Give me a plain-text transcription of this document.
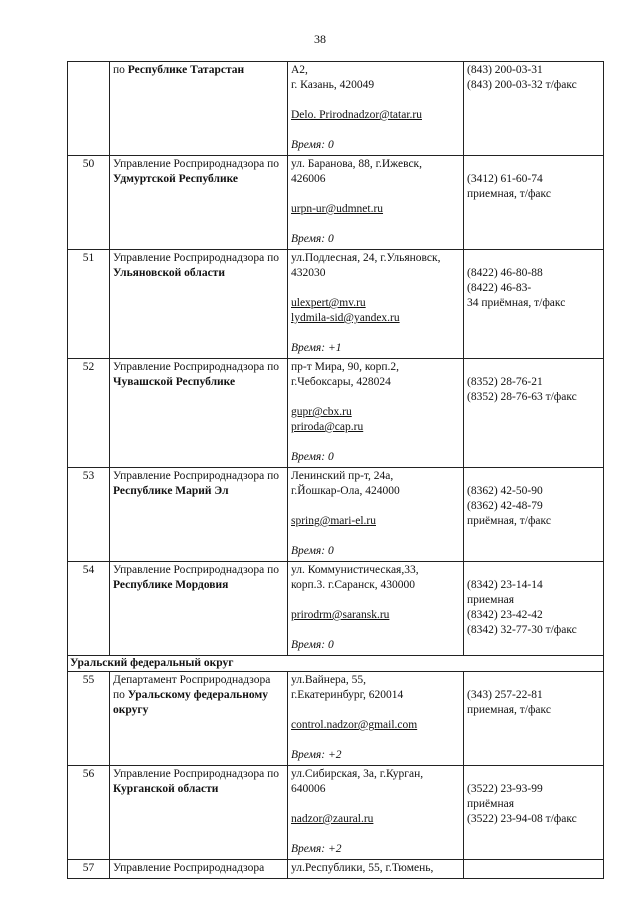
38
	по Республике Татарстан	А2,
г. Казань, 420049
Delo. Prirodnadzor@tatar.ru
Время: 0	(843) 200-03-31
(843) 200-03-32 т/факс

50	Управление Росприроднадзора по Удмуртской Республике	ул. Баранова, 88, г.Ижевск,
426006
urpn-ur@udmnet.ru
Время: 0	(3412) 61-60-74
приемная, т/факс

51	Управление Росприроднадзора по Ульяновской области	ул.Подлесная, 24, г.Ульяновск,
432030
ulexpert@mv.ru
lydmila-sid@yandex.ru
Время: +1	(8422) 46-80-88
(8422) 46-83-
34 приёмная, т/факс

52	Управление Росприроднадзора по Чувашской Республике	пр-т Мира, 90, корп.2,
г.Чебоксары, 428024
gupr@cbx.ru
priroda@cap.ru
Время: 0	(8352) 28-76-21
(8352) 28-76-63 т/факс

53	Управление Росприроднадзора по Республике Марий Эл	Ленинский пр-т, 24а,
г.Йошкар-Ола, 424000
spring@mari-el.ru
Время: 0	(8362) 42-50-90
(8362) 42-48-79
приёмная, т/факс

54	Управление Росприроднадзора по Республике Мордовия	ул. Коммунистическая,33,
корп.3. г.Саранск, 430000
prirodrm@saransk.ru
Время: 0	(8342) 23-14-14
приемная
(8342) 23-42-42
(8342) 32-77-30 т/факс

Уральский федеральный округ			
55	Департамент Росприроднадзора по Уральскому федеральному округу	ул.Вайнера, 55,
г.Екатеринбург, 620014
control.nadzor@gmail.com
Время: +2	(343) 257-22-81
приемная, т/факс

56	Управление Росприроднадзора по Курганской области	ул.Сибирская, 3а, г.Курган,
640006
nadzor@zaural.ru
Время: +2	(3522) 23-93-99
приёмная
(3522) 23-94-08 т/факс

57	Управление Росприроднадзора	ул.Республики, 55, г.Тюмень,	
